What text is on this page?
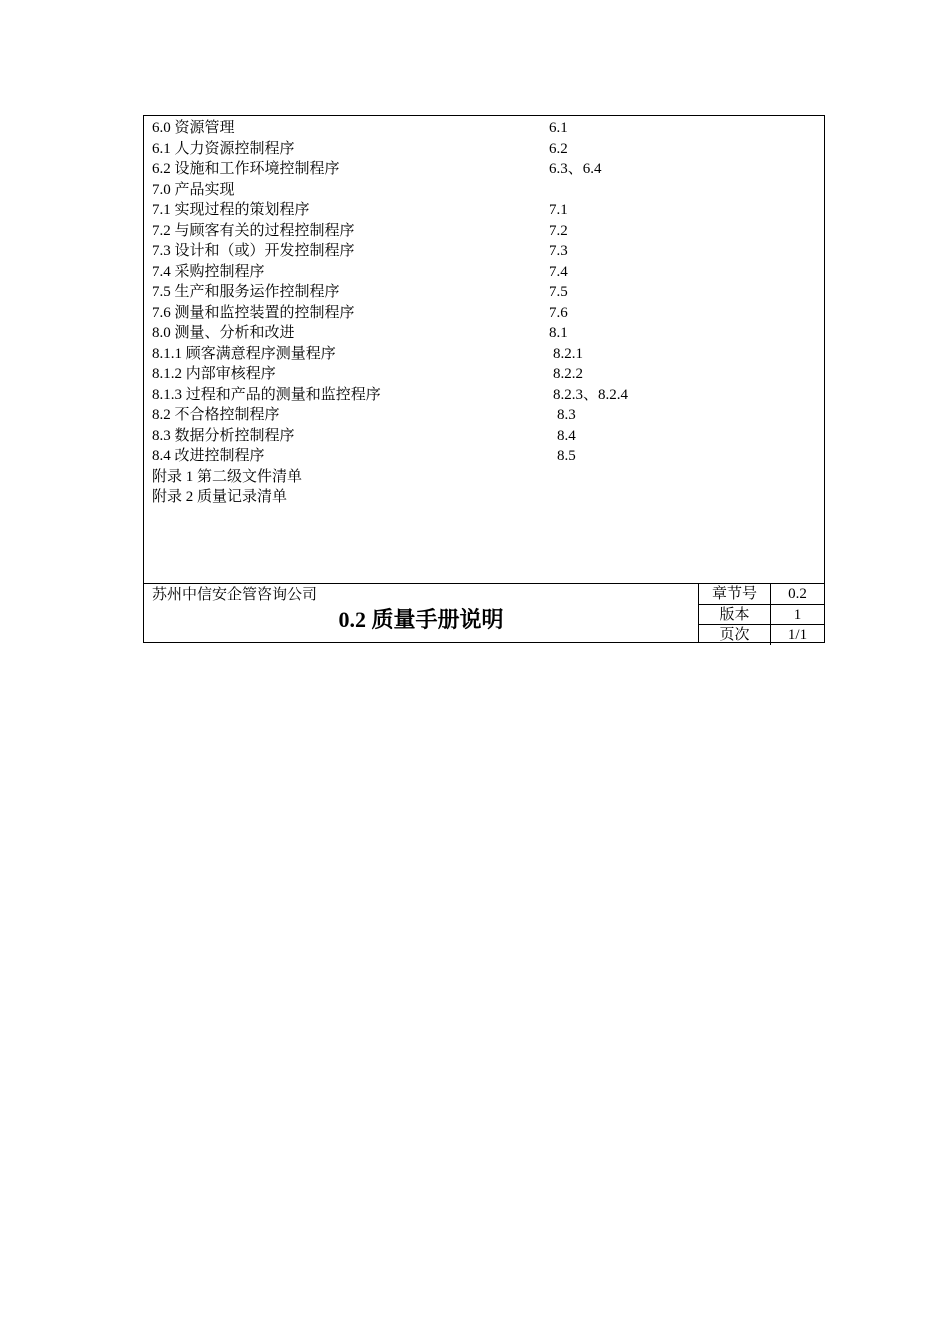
6.0 资源管理	6.1
6.1 人力资源控制程序	6.2
6.2 设施和工作环境控制程序	6.3、6.4
7.0 产品实现
7.1 实现过程的策划程序	7.1
7.2 与顾客有关的过程控制程序	7.2
7.3 设计和（或）开发控制程序	7.3
7.4 采购控制程序	7.4
7.5 生产和服务运作控制程序	7.5
7.6 测量和监控装置的控制程序	7.6
8.0 测量、分析和改进	8.1
8.1.1 顾客满意程序测量程序	8.2.1
8.1.2 内部审核程序	8.2.2
8.1.3 过程和产品的测量和监控程序	8.2.3、8.2.4
8.2 不合格控制程序	8.3
8.3 数据分析控制程序	8.4
8.4 改进控制程序	8.5
附录 1 第二级文件清单
附录 2 质量记录清单
苏州中信安企管咨询公司
0.2 质量手册说明
章节号	0.2
版本	1
页次	1/1
